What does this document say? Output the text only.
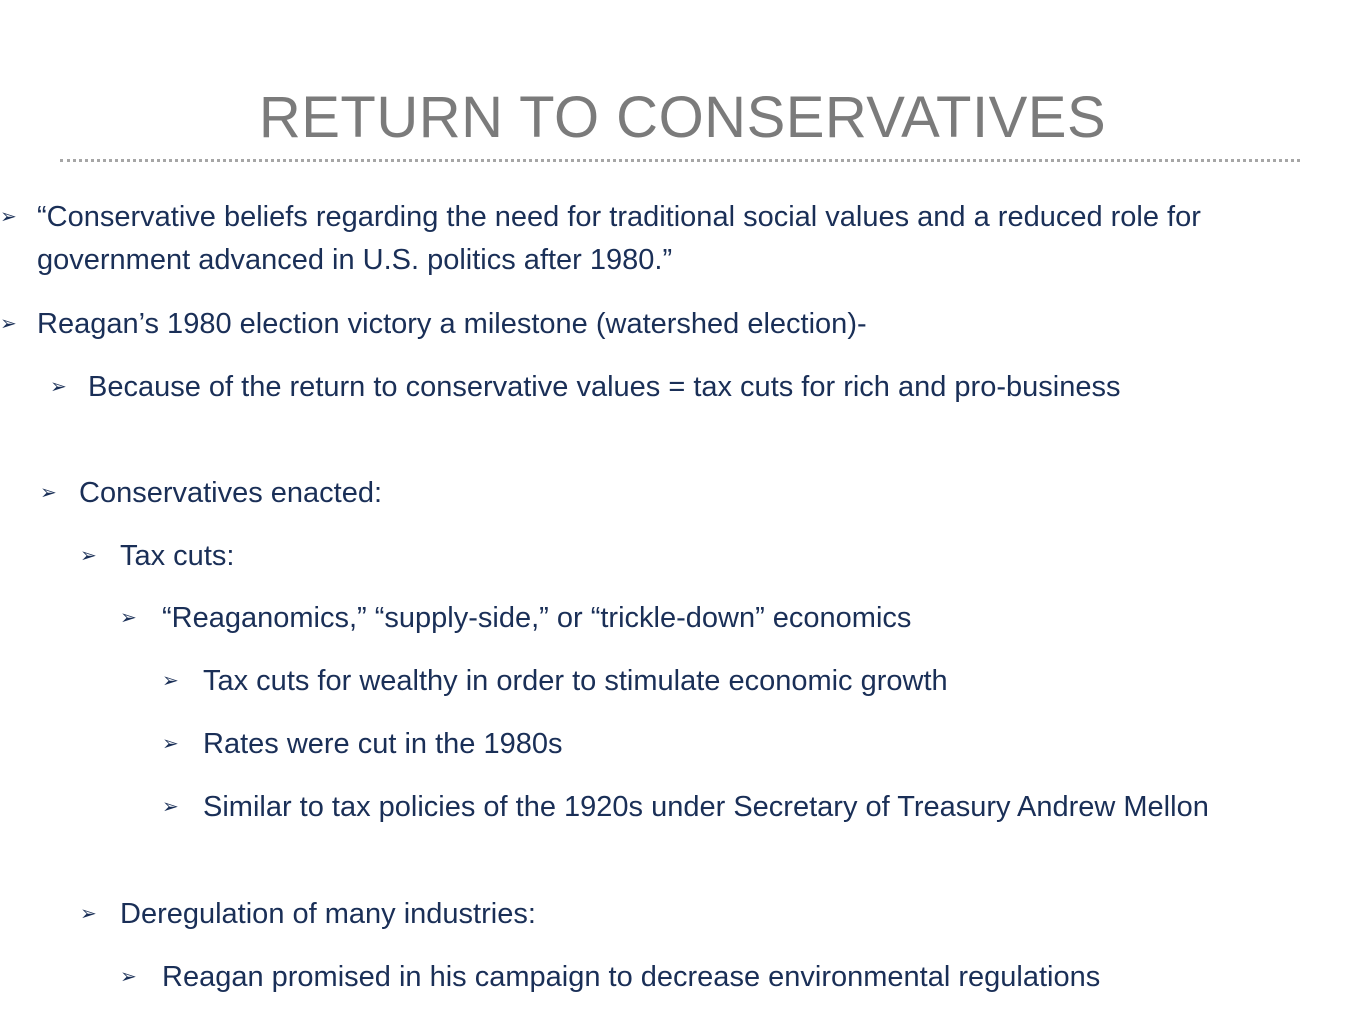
RETURN TO CONSERVATIVES
➢ “Conservative beliefs regarding the need for traditional social values and a reduced role for government advanced in U.S. politics after 1980.”
➢ Reagan’s 1980 election victory a milestone (watershed election)-
➢ Because of the return to conservative values = tax cuts for rich and pro-business
➢ Conservatives enacted:
➢ Tax cuts:
➢ “Reaganomics,” “supply-side,” or “trickle-down” economics
➢ Tax cuts for wealthy in order to stimulate economic growth
➢ Rates were cut in the 1980s
➢ Similar to tax policies of the 1920s under Secretary of Treasury Andrew Mellon
➢ Deregulation of many industries:
➢ Reagan promised in his campaign to decrease environmental regulations
